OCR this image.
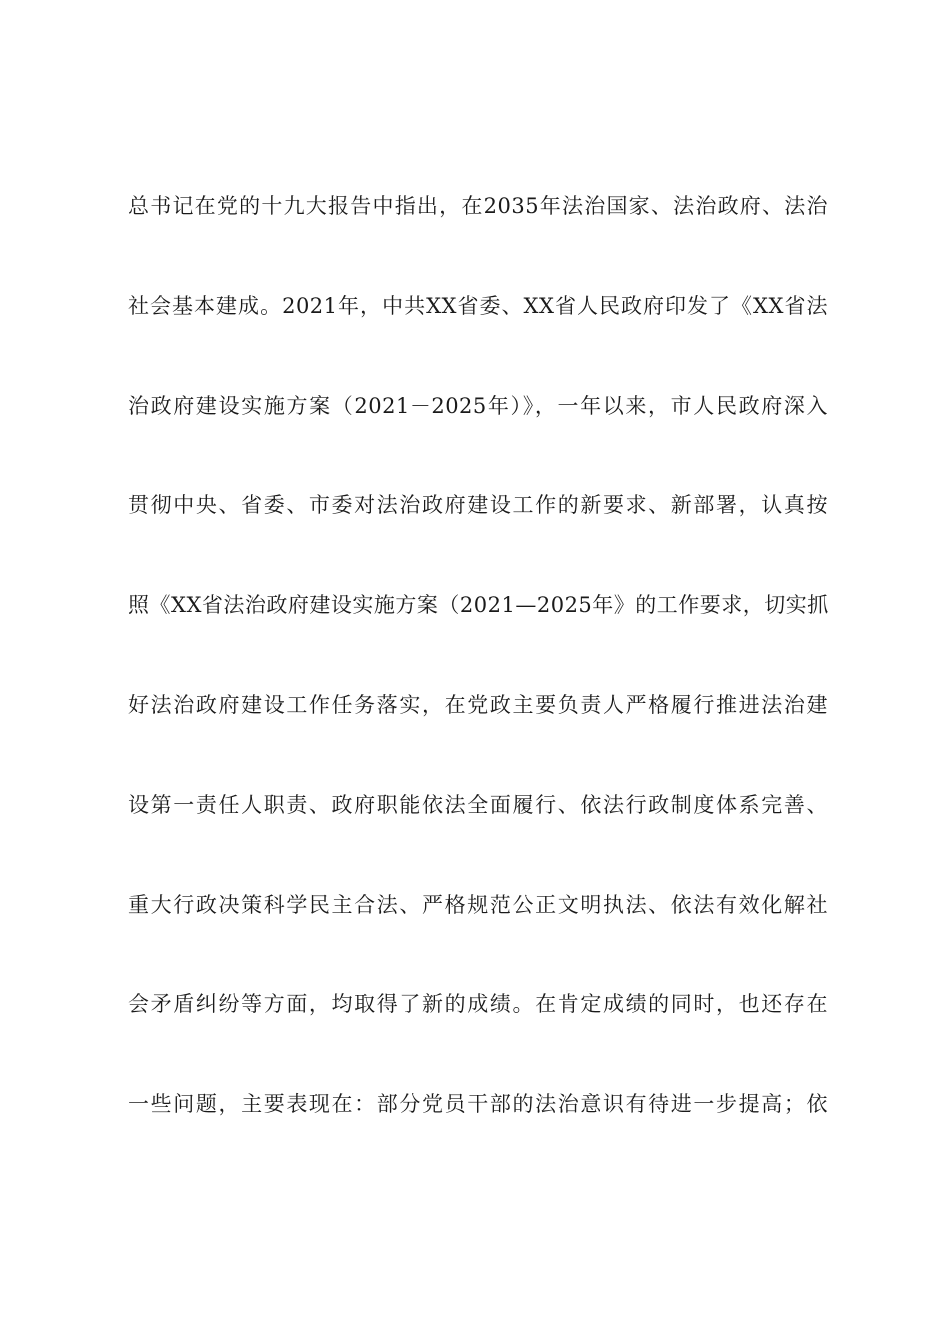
总书记在党的十九大报告中指出，在2035年法治国家、法治政府、法治
社会基本建成。2021年，中共XX省委、XX省人民政府印发了《XX省法
治政府建设实施方案（2021－2025年）》，一年以来，市人民政府深入
贯彻中央、省委、市委对法治政府建设工作的新要求、新部署，认真按
照《XX省法治政府建设实施方案（2021—2025年》的工作要求，切实抓
好法治政府建设工作任务落实，在党政主要负责人严格履行推进法治建
设第一责任人职责、政府职能依法全面履行、依法行政制度体系完善、
重大行政决策科学民主合法、严格规范公正文明执法、依法有效化解社
会矛盾纠纷等方面，均取得了新的成绩。在肯定成绩的同时，也还存在
一些问题，主要表现在：部分党员干部的法治意识有待进一步提高；依
